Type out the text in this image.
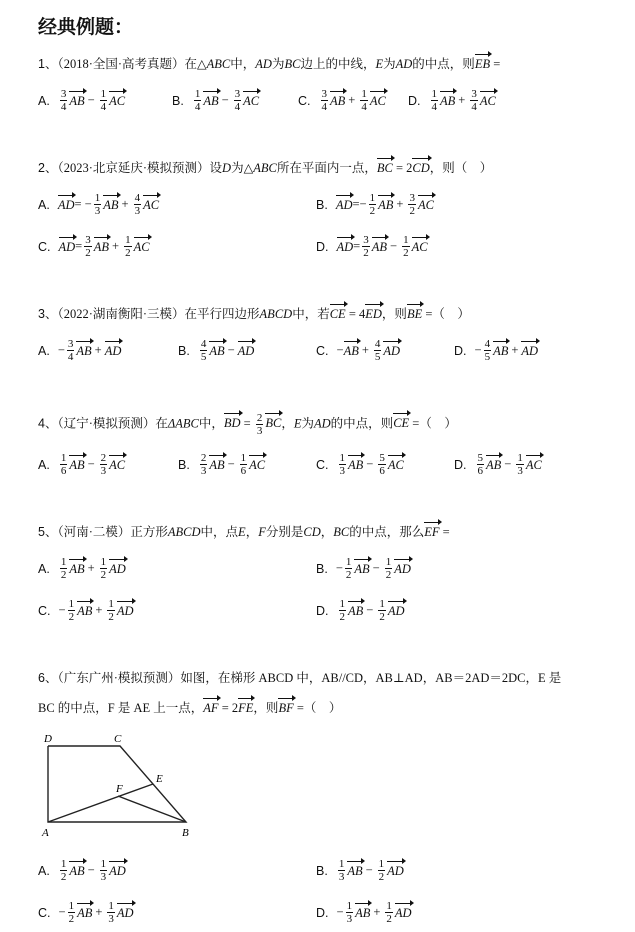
经典例题：
1、（2018·全国·高考真题）在△ABC中，AD为BC边上的中线，E为AD的中点，则EB =
A. $\frac{3}{4}$ AB − $\frac{1}{4}$ AC	B. $\frac{1}{4}$ AB − $\frac{3}{4}$ AC	C. $\frac{3}{4}$ AB + $\frac{1}{4}$ AC D. $\frac{1}{4}$ AB + $\frac{3}{4}$ AC
2、（2023·北京延庆·模拟预测）设D为△ABC所在平面内一点，BC = 2CD，则（　）
A. AD = − $\frac{1}{3}$ AB + $\frac{4}{3}$ AC	B. AD = − $\frac{1}{2}$ AB + $\frac{3}{2}$ AC
C. AD = $\frac{3}{2}$ AB + $\frac{1}{2}$ AC	D. AD = $\frac{3}{2}$ AB − $\frac{1}{2}$ AC
3、（2022·湖南衡阳·三模）在平行四边形ABCD中，若CE = 4ED，则BE =（　）
A. − $\frac{3}{4}$ AB + AD	B. $\frac{4}{5}$ AB − AD	C. − AB + $\frac{4}{5}$ AD	D. − $\frac{4}{5}$ AB + AD
4、（辽宁·模拟预测）在ΔABC中，BD = $\frac{2}{3}$ BC，E为AD的中点，则CE =（　）
A. $\frac{1}{6}$ AB − $\frac{2}{3}$ AC	B. $\frac{2}{3}$ AB − $\frac{1}{6}$ AC	C. $\frac{1}{3}$ AB − $\frac{5}{6}$ AC	D. $\frac{5}{6}$ AB − $\frac{1}{3}$ AC
5、（河南·二模）正方形ABCD中，点E，F分别是CD，BC的中点，那么EF =
A. $\frac{1}{2}$ AB + $\frac{1}{2}$ AD	B. − $\frac{1}{2}$ AB − $\frac{1}{2}$ AD
C. − $\frac{1}{2}$ AB + $\frac{1}{2}$ AD	D. $\frac{1}{2}$ AB − $\frac{1}{2}$ AD
6、（广东广州·模拟预测）如图，在梯形 ABCD 中，AB//CD，AB⊥AD，AB＝2AD＝2DC，E 是
BC 的中点，F 是 AE 上一点，AF = 2FE，则BF =（　）
D	C
E
F
A	B
A. $\frac{1}{2}$ AB − $\frac{1}{3}$ AD	B. $\frac{1}{3}$ AB − $\frac{1}{2}$ AD
C. − $\frac{1}{2}$ AB + $\frac{1}{3}$ AD	D. − $\frac{1}{3}$ AB + $\frac{1}{2}$ AD
